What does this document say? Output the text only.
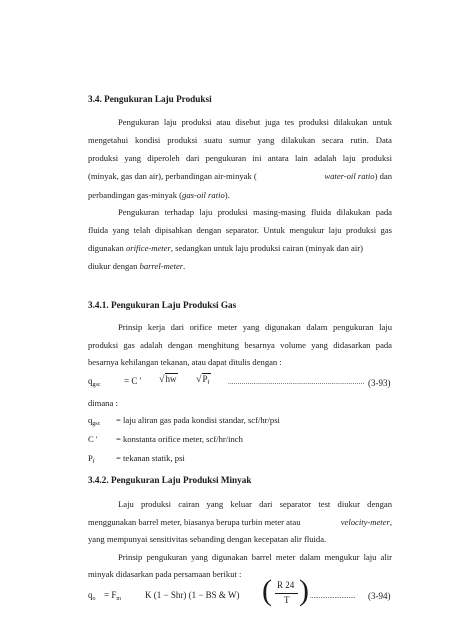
3.4. Pengukuran Laju Produksi
Pengukuran laju produksi atau disebut juga tes produksi dilakukan untuk
mengetahui kondisi produksi suatu sumur yang dilakukan secara rutin. Data
produksi yang diperoleh dari pengukuran ini antara lain adalah laju produksi
(minyak, gas dan air), perbandingan air-minyak (	water-oil ratio) dan
perbandingan gas-minyak (gas-oil ratio).
Pengukuran terhadap laju produksi masing-masing fluida dilakukan pada
fluida yang telah dipisahkan dengan separator. Untuk mengukur laju produksi gas
digunakan orifice-meter, sedangkan untuk laju produksi cairan (minyak dan air)
diukur dengan barrel-meter.
3.4.1. Pengukuran Laju Produksi Gas
Prinsip kerja dari orifice meter yang digunakan dalam pengukuran laju
produksi gas adalah dengan menghitung besarnya volume yang didasarkan pada
besarnya kehilangan tekanan, atau dapat ditulis dengan :
$q_{gsc}$	= C ' √hw $√P_f$	...................................................................... (3-93)
dimana :
$q_{gsc}$ = laju aliran gas pada kondisi standar, scf/hr/psi
C ' = konstanta orifice meter, scf/hr/inch
$P_f$ = tekanan statik, psi
3.4.2. Pengukuran Laju Produksi Minyak
Laju produksi cairan yang keluar dari separator test diukur dengan
menggunakan barrel meter, biasanya berupa turbin meter atau	velocity-meter,
yang mempunyai sensitivitas sebanding dengan kecepatan alir fluida.
Prinsip pengukuran yang digunakan barrel meter dalam mengukur laju alir
minyak didasarkan pada persamaan berikut :
$q_o = F_m$	K (1 − Shr) (1 − BS & W) ( R 24
T ) .......................... (3-94)
